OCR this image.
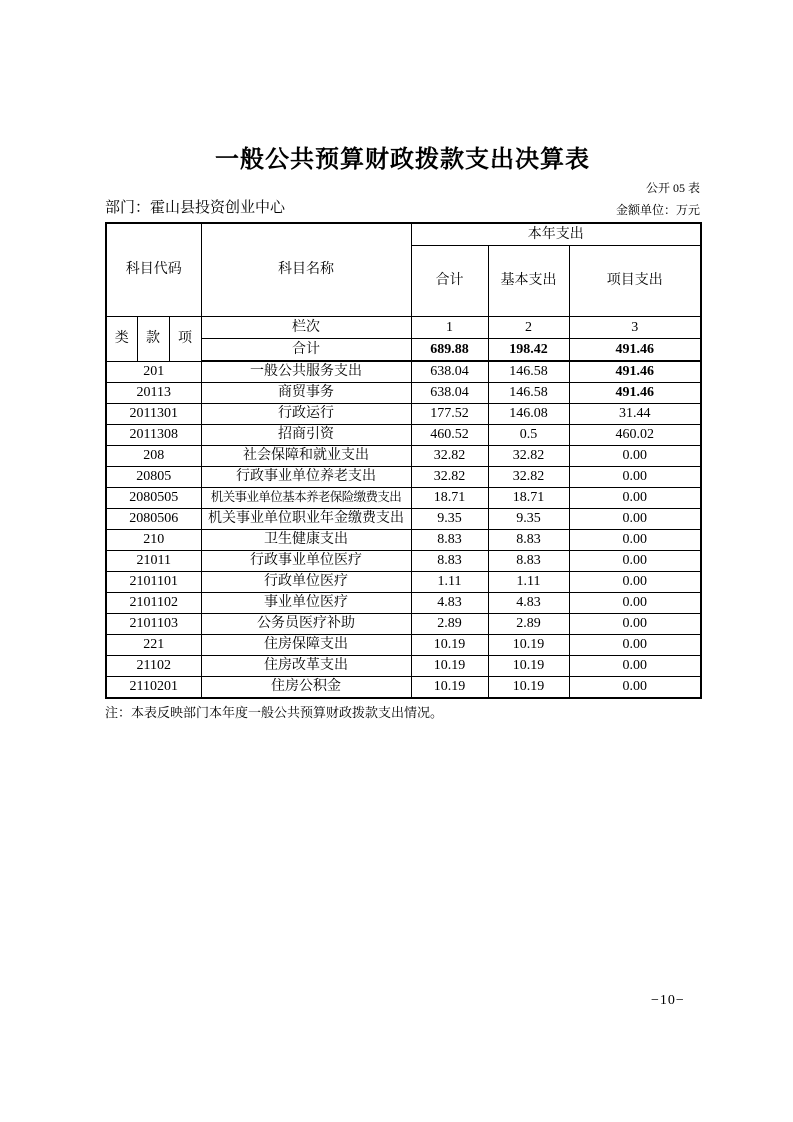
一般公共预算财政拨款支出决算表
公开 05 表
部门：霍山县投资创业中心	金额单位：万元
科目代码			科目名称	本年支出		
				合计	基本支出	项目支出
类	款	项	栏次	1	2	3
			合计	689.88	198.42	491.46
201			一般公共服务支出	638.04	146.58	491.46
20113			商贸事务	638.04	146.58	491.46
2011301			行政运行	177.52	146.08	31.44
2011308			招商引资	460.52	0.5	460.02
208			社会保障和就业支出	32.82	32.82	0.00
20805			行政事业单位养老支出	32.82	32.82	0.00
2080505			机关事业单位基本养老保险缴费支出	18.71	18.71	0.00
2080506			机关事业单位职业年金缴费支出	9.35	9.35	0.00
210			卫生健康支出	8.83	8.83	0.00
21011			行政事业单位医疗	8.83	8.83	0.00
2101101			行政单位医疗	1.11	1.11	0.00
2101102			事业单位医疗	4.83	4.83	0.00
2101103			公务员医疗补助	2.89	2.89	0.00
221			住房保障支出	10.19	10.19	0.00
21102			住房改革支出	10.19	10.19	0.00
2110201			住房公积金	10.19	10.19	0.00
注：本表反映部门本年度一般公共预算财政拨款支出情况。
−10−
